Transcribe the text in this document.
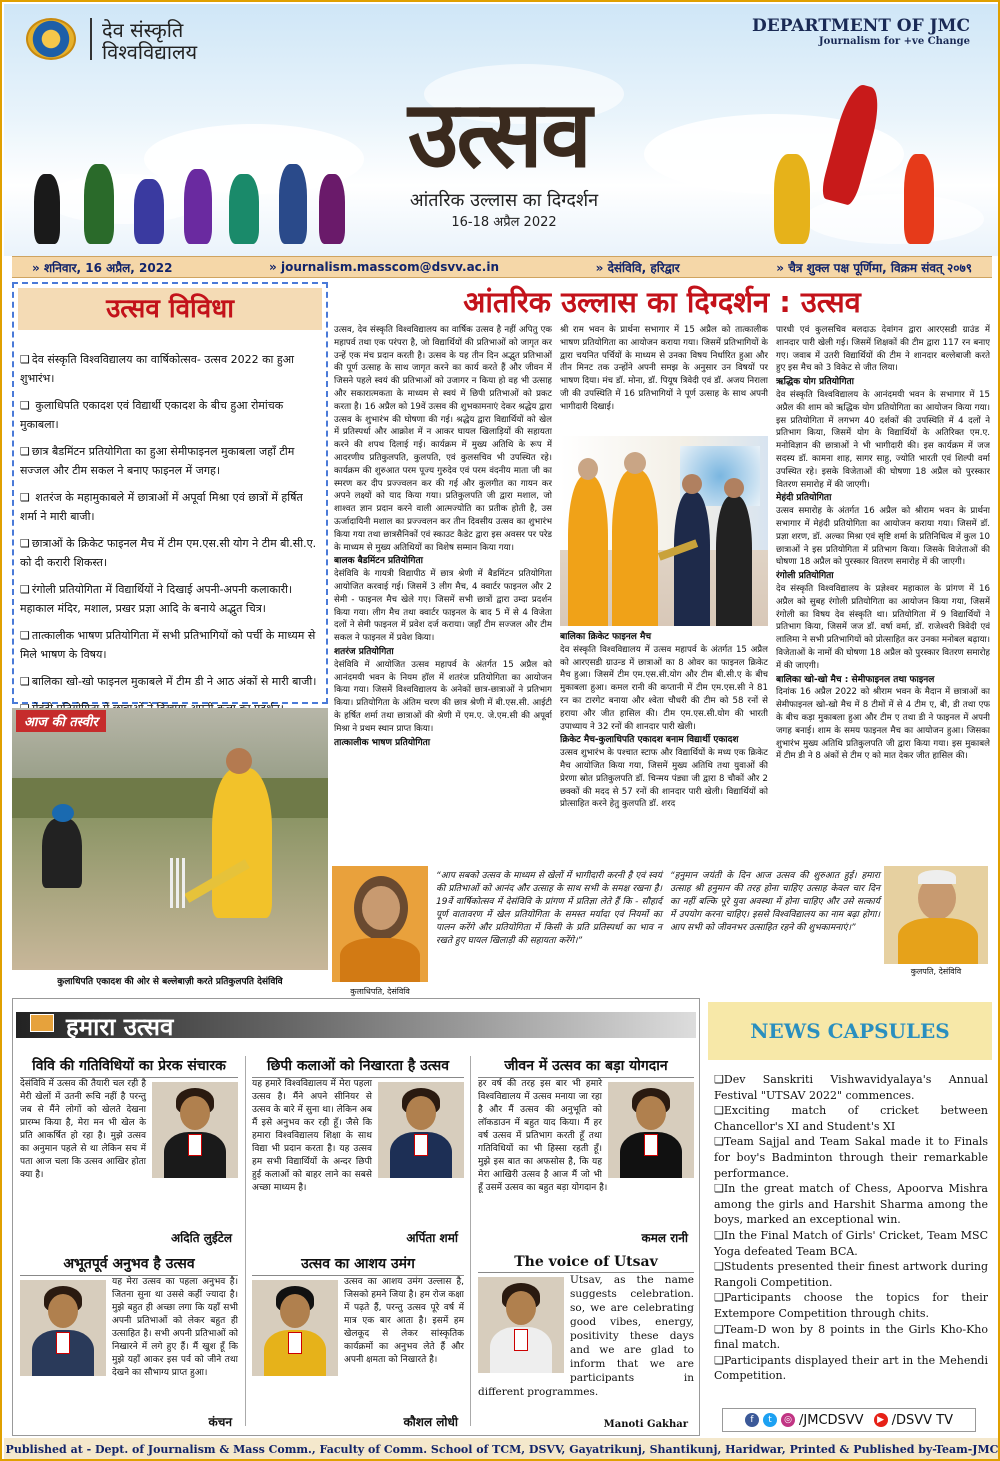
देव संस्कृति
विश्वविद्यालय
DEPARTMENT OF JMC
Journalism for +ve Change
उत्सव
आंतरिक उल्लास का दिग्दर्शन
16-18 अप्रैल 2022
» शनिवार, 16 अप्रैल, 2022	» journalism.masscom@dsvv.ac.in	» देसंविवि, हरिद्वार	» चैत्र शुक्ल पक्ष पूर्णिमा, विक्रम संवत् २०७९
उत्सव विविधा
❑ देव संस्कृति विश्वविद्यालय का वार्षिकोत्सव- उत्सव 2022 का हुआ शुभारंभ।
❑ कुलाधिपति एकादश एवं विद्यार्थी एकादश के बीच हुआ रोमांचक मुकाबला।
❑ छात्र बैडमिंटन प्रतियोगिता का हुआ सेमीफाइनल मुकाबला जहाँ टीम सज्जल और टीम सकल ने बनाए फाइनल में जगह।
❑ शतरंज के महामुकाबले में छात्राओं में अपूर्वा मिश्रा एवं छात्रों में हर्षित शर्मा ने मारी बाजी।
❑ छात्राओं के क्रिकेट फाइनल मैच में टीम एम.एस.सी योग ने टीम बी.सी.ए. को दी करारी शिकस्त।
❑ रंगोली प्रतियोगिता में विद्यार्थियों ने दिखाई अपनी-अपनी कलाकारी। महाकाल मंदिर, मशाल, प्रखर प्रज्ञा आदि के बनाये अद्भुत चित्र।
❑ तात्कालीक भाषण प्रतियोगिता में सभी प्रतिभागियों को पर्ची के माध्यम से मिले भाषण के विषय।
❑ बालिका खो-खो फाइनल मुकाबले में टीम डी ने आठ अंकों से मारी बाजी।
❑
आंतरिक उल्लास का दिग्दर्शन : उत्सव

उत्सव, देव संस्कृति विश्वविद्यालय का वार्षिक उत्सव है नहीं अपितु एक महापर्व तथा एक परंपरा है, जो विद्यार्थियों की प्रतिभाओं को जागृत कर उन्हें एक मंच प्रदान करती है। उत्सव के यह तीन दिन अद्भुत प्रतिभाओं की पूर्ण उत्साह के साथ जागृत करने का कार्य करते हैं और जीवन में जिसने पहले स्वयं की प्रतिभाओं को उजागर न किया हो वह भी उत्साह और सकारात्मकता के माध्यम से स्वयं में छिपी प्रतिभाओं को प्रकट करता है। 16 अप्रैल को 19वें उत्सव की शुभकामनाएं देकर श्रद्धेय द्वारा उत्सव के शुभारंभ की घोषणा की गई। श्रद्धेय द्वारा विद्यार्थियों को खेल में प्रतिस्पर्धा और आक्रोश में न आकर घायल खिलाड़ियों की सहायता करने की शपथ दिलाई गई। कार्यक्रम में मुख्य अतिथि के रूप में आदरणीय प्रतिकुलपति, कुलपति, एवं कुलसचिव भी उपस्थित रहे। कार्यक्रम की शुरुआत परम पूज्य गुरुदेव एवं परम वंदनीय माता जी का स्मरण कर दीप प्रज्ज्वलन कर की गई और कुलगीत का गायन कर अपने लक्ष्यों को याद किया गया। प्रतिकुलपति जी द्वारा मशाल, जो शाश्वत ज्ञान प्रदान करने वाली आत्मज्योति का प्रतीक होती है, उस ऊर्जादायिनी मशाल का प्रज्ज्वलन कर तीन दिवसीय उत्सव का शुभारंभ किया गया तथा छात्रसैनिकों एवं स्काउट कैडेट द्वारा इस अवसर पर परेड के माध्यम से मुख्य अतिथियों का विशेष सम्मान किया गया।

बालक बैडमिंटन प्रतियोगिता

देसंविवि के गायत्री विद्यापीठ में छात्र श्रेणी में बैडमिंटन प्रतियोगिता आयोजित करवाई गई। जिसमें 3 लीग मैच, 4 क्वार्टर फाइनल और 2 सेमी - फाइनल मैच खेले गए। जिसमें सभी छात्रों द्वारा उम्दा प्रदर्शन किया गया। लीग मैच तथा क्वार्टर फाइनल के बाद 5 में से 4 विजेता दलों ने सेमी फाइनल में प्रवेश दर्ज कराया। जहाँ टीम सज्जल और टीम सकल ने फाइनल में प्रवेश किया।

शतरंज प्रतियोगिता

देसंविवि में आयोजित उत्सव महापर्व के अंतर्गत 15 अप्रैल को आनंदमयी भवन के नियम हॉल में शतरंज प्रतियोगिता का आयोजन किया गया। जिसमें विश्वविद्यालय के अनेकों छात्र-छात्राओं ने प्रतिभाग किया। प्रतियोगिता के अंतिम चरण की छात्र श्रेणी में बी.एस.सी. आईटी के हर्षित शर्मा तथा छात्राओं की श्रेणी में एम.ए. जे.एम.सी की अपूर्वा मिश्रा ने प्रथम स्थान प्राप्त किया।

तात्कालीक भाषण प्रतियोगिता

श्री राम भवन के प्रार्थना सभागार में 15 अप्रैल को तात्कालीक भाषण प्रतियोगिता का आयोजन कराया गया। जिसमें प्रतिभागियों के द्वारा चयनित पर्चियों के माध्यम से उनका विषय निर्धारित हुआ और तीन मिनट तक उन्होंने अपनी समझ के अनुसार उन विषयों पर भाषण दिया। मंच डॉ. मोना, डॉ. पियूष त्रिवेदी एवं डॉ. अजय निराला जी की उपस्थिति में 16 प्रतिभागियों ने पूर्ण उत्साह के साथ अपनी भागीदारी दिखाई।

बालिका क्रिकेट फाइनल मैच

देव संस्कृति विश्वविद्यालय में उत्सव महापर्व के अंतर्गत 15 अप्रैल को आरएसडी ग्राउन्ड में छात्राओं का 8 ओवर का फाइनल क्रिकेट मैच हुआ। जिसमें टीम एम.एस.सी.योग और टीम बी.सी.ए के बीच मुकाबला हुआ। कमल रानी की कप्तानी में टीम एम.एस.सी ने 81 रन का टारगेट बनाया और श्वेता चौधरी की टीम को 58 रनों से हराया और जीत हासिल की। टीम एम.एस.सी.योग की भारती उपाध्याय ने 32 रनों की शानदार पारी खेली।

क्रिकेट मैच-कुलाधिपति एकादश बनाम विद्यार्थी एकादश

उत्सव शुभारंभ के पश्चात स्टाफ और विद्यार्थियों के मध्य एक क्रिकेट मैच आयोजित किया गया, जिसमें मुख्य अतिथि तथा युवाओं की प्रेरणा स्रोत प्रतिकुलपति डॉ. चिन्मय पंड्या जी द्वारा 8 चौकों और 2 छक्कों की मदद से 57 रनों की शानदार पारी खेली। विद्यार्थियों को प्रोत्साहित करने हेतु कुलपति डॉ. शरद

पारधी एवं कुलसचिव बलदाऊ देवांगन द्वारा आरएसडी ग्राउंड में शानदार पारी खेली गई। जिसमें शिक्षकों की टीम द्वारा 117 रन बनाए गए। जवाब में उतरी विद्यार्थियों की टीम ने शानदार बल्लेबाजी करते हुए इस मैच को 3 विकेट से जीत लिया।

ऋद्धिक योग प्रतियोगिता

देव संस्कृति विश्वविद्यालय के आनंदमयी भवन के सभागार में 15 अप्रैल की शाम को ऋद्धिक योग प्रतियोगिता का आयोजन किया गया। इस प्रतियोगिता में लगभग 40 दर्शकों की उपस्थिति में 4 दलों ने प्रतिभाग किया, जिसमें योग के विद्यार्थियों के अतिरिक्त एम.ए. मनोविज्ञान की छात्राओं ने भी भागीदारी की। इस कार्यक्रम में जज सदस्य डॉ. कामना शाह, सागर साहु, ज्योति भारती एवं शिल्पी वर्मा उपस्थित रहे। इसके विजेताओं की घोषणा 18 अप्रैल को पुरस्कार वितरण समारोह में की जाएगी।

मेहंदी प्रतियोगिता

उत्सव समारोह के अंतर्गत 16 अप्रैल को श्रीराम भवन के प्रार्थना सभागार में मेहंदी प्रतियोगिता का आयोजन कराया गया। जिसमें डॉ. प्रज्ञा शरण, डॉ. अल्का मिश्रा एवं सृष्टि शर्मा के प्रतिनिधित्व में कुल 10 छात्राओं ने इस प्रतियोगिता में प्रतिभाग किया। जिसके विजेताओं की घोषणा 18 अप्रैल को पुरस्कार वितरण समारोह में की जाएगी।

रंगोली प्रतियोगिता

देव संस्कृति विश्वविद्यालय के प्रज्ञेश्वर महाकाल के प्रांगण में 16 अप्रैल को सुबह रंगोली प्रतियोगिता का आयोजन किया गया, जिसमें रंगोली का विषय देव संस्कृति था। प्रतियोगिता में 9 विद्यार्थियों ने प्रतिभाग किया, जिसमें जज डॉ. वर्षा वर्मा, डॉ. राजेश्वरी त्रिवेदी एवं लालिमा ने सभी प्रतिभागियों को प्रोत्साहित कर उनका मनोबल बढ़ाया। विजेताओं के नामों की घोषणा 18 अप्रैल को पुरस्कार वितरण समारोह में की जाएगी।

बालिका खो-खो मैच : सेमीफाइनल तथा फाइनल

दिनांक 16 अप्रैल 2022 को श्रीराम भवन के मैदान में छात्राओं का सेमीफाइनल खो-खो मैच में 8 टीमों में से 4 टीम ए, बी, डी तथा एफ के बीच कड़ा मुकाबला हुआ और टीम ए तथा डी ने फाइनल में अपनी जगह बनाई। शाम के समय फाइनल मैच का आयोजन हुआ। जिसका शुभारंभ मुख्य अतिथि प्रतिकुलपति जी द्वारा किया गया। इस मुकाबले में टीम डी ने 8 अंकों से टीम ए को मात देकर जीत हासिल की।

आज की तस्वीर
कुलाधिपति एकादश की ओर से बल्लेबाज़ी करते प्रतिकुलपति देसंविवि
कुलाधिपति, देसंविवि
“आप सबको उत्सव के माध्यम से खेलों में भागीदारी करनी है एवं स्वयं की प्रतिभाओं को आनंद और उत्साह के साथ सभी के समक्ष रखना है। 19वें वार्षिकोत्सव में देसंविवि के प्रांगण में प्रतिज्ञा लेते हैं कि - सौहार्द पूर्ण वातावरण में खेल प्रतियोगिता के समस्त मर्यादा एवं नियमों का पालन करेंगे और प्रतियोगिता में किसी के प्रति प्रतिस्पर्धा का भाव न रखते हुए घायल खिलाड़ी की सहायता करेंगे।”
“हनुमान जयंती के दिन आज उत्सव की शुरुआत हुई। हमारा उत्साह श्री हनुमान की तरह होना चाहिए उत्साह केवल चार दिन का नहीं बल्कि पूरे युवा अवस्था में होना चाहिए और उसे सत्कार्य में उपयोग करना चाहिए। इससे विश्वविद्यालय का नाम बढ़ा होगा। आप सभी को जीवनभर उत्साहित रहने की शुभकामनाएं।”
कुलपति, देसंविवि
हमारा उत्सव
विवि की गतिविधियों का प्रेरक संचारक
देसंविवि में उत्सव की तैयारी चल रही है मेरी खेलों में उतनी रूचि नहीं है परन्तु जब से मैंने लोगों को खेलते देखना प्रारम्भ किया है, मेरा मन भी खेल के प्रति आकर्षित हो रहा है। मुझे उत्सव का अनुमान पहले से था लेकिन सच में पता आज चला कि उत्सव आखिर होता क्या है।
अदिति लुईटेल
छिपी कलाओं को निखारता है उत्सव
यह हमारे विश्वविद्यालय में मेरा पहला उत्सव है। मैंने अपने सीनियर से उत्सव के बारे में सुना था। लेकिन अब मैं इसे अनुभव कर रही हूँ। जैसे कि हमारा विश्वविद्यालय शिक्षा के साथ विद्या भी प्रदान करता है। यह उत्सव हम सभी विद्यार्थियों के अन्दर छिपी हुई कलाओं को बाहर लाने का सबसे अच्छा माध्यम है।
अर्पिता शर्मा
जीवन में उत्सव का बड़ा योगदान
हर वर्ष की तरह इस बार भी हमारे विश्वविद्यालय में उत्सव मनाया जा रहा है और मैं उत्सव की अनुभूति को लॉकडाउन में बहुत याद किया। मैं हर वर्ष उत्सव में प्रतिभाग करती हूँ तथा गतिविधियों का भी हिस्सा रहती हूँ। मुझे इस बात का अफसोस है, कि यह मेरा आखिरी उत्सव है आज मैं जो भी हूँ उसमें उत्सव का बहुत बड़ा योगदान है।
कमल रानी
अभूतपूर्व अनुभव है उत्सव
यह मेरा उत्सव का पहला अनुभव है। जितना सुना था उससे कहीं ज्यादा है। मुझे बहुत ही अच्छा लगा कि यहाँ सभी अपनी प्रतिभाओं को लेकर बहुत ही उत्साहित है। सभी अपनी प्रतिभाओं को निखारने में लगे हुए हैं। मैं खुश हूँ कि मुझे यहाँ आकर इस पर्व को जीने तथा देखने का सौभाग्य प्राप्त हुआ।
कंचन
उत्सव का आशय उमंग
उत्सव का आशय उमंग उल्लास है, जिसको हमने जिया है। हम रोज कक्षा में पढ़ते हैं, परन्तु उत्सव पूरे वर्ष में मात्र एक बार आता है। इसमें हम खेलकूद से लेकर सांस्कृतिक कार्यक्रमों का अनुभव लेते हैं और अपनी क्षमता को निखारते है।
कौशल लोधी
The voice of Utsav
Utsav, as the name suggests celebration. so, we are celebrating good vibes, energy, positivity these days and we are glad to inform that we are participants in different programmes.
Manoti Gakhar
NEWS CAPSULES
❑ Dev Sanskriti Vishwavidyalaya's Annual Festival "UTSAV 2022" commences.
❑ Exciting match of cricket between Chancellor's XI and Student's XI
❑ Team Sajjal and Team Sakal made it to Finals for boy's Badminton through their remarkable performance.
❑ In the great match of Chess, Apoorva Mishra among the girls and Harshit Sharma among the boys, marked an exceptional win.
❑ In the Final Match of Girls' Cricket, Team MSC Yoga defeated Team BCA.
❑ Students presented their finest artwork during Rangoli Competition.
❑ Participants choose the topics for their Extempore Competition through chits.
❑ Team-D won by 8 points in the Girls Kho-Kho final match.
❑ Participants displayed their art in the Mehendi Competition.
f	t	◎ /JMCDSVV	▶ /DSVV TV
Published at - Dept. of Journalism & Mass Comm., Faculty of Comm. School of TCM, DSVV, Gayatrikunj, Shantikunj, Haridwar, Printed & Published by-Team-JMC
